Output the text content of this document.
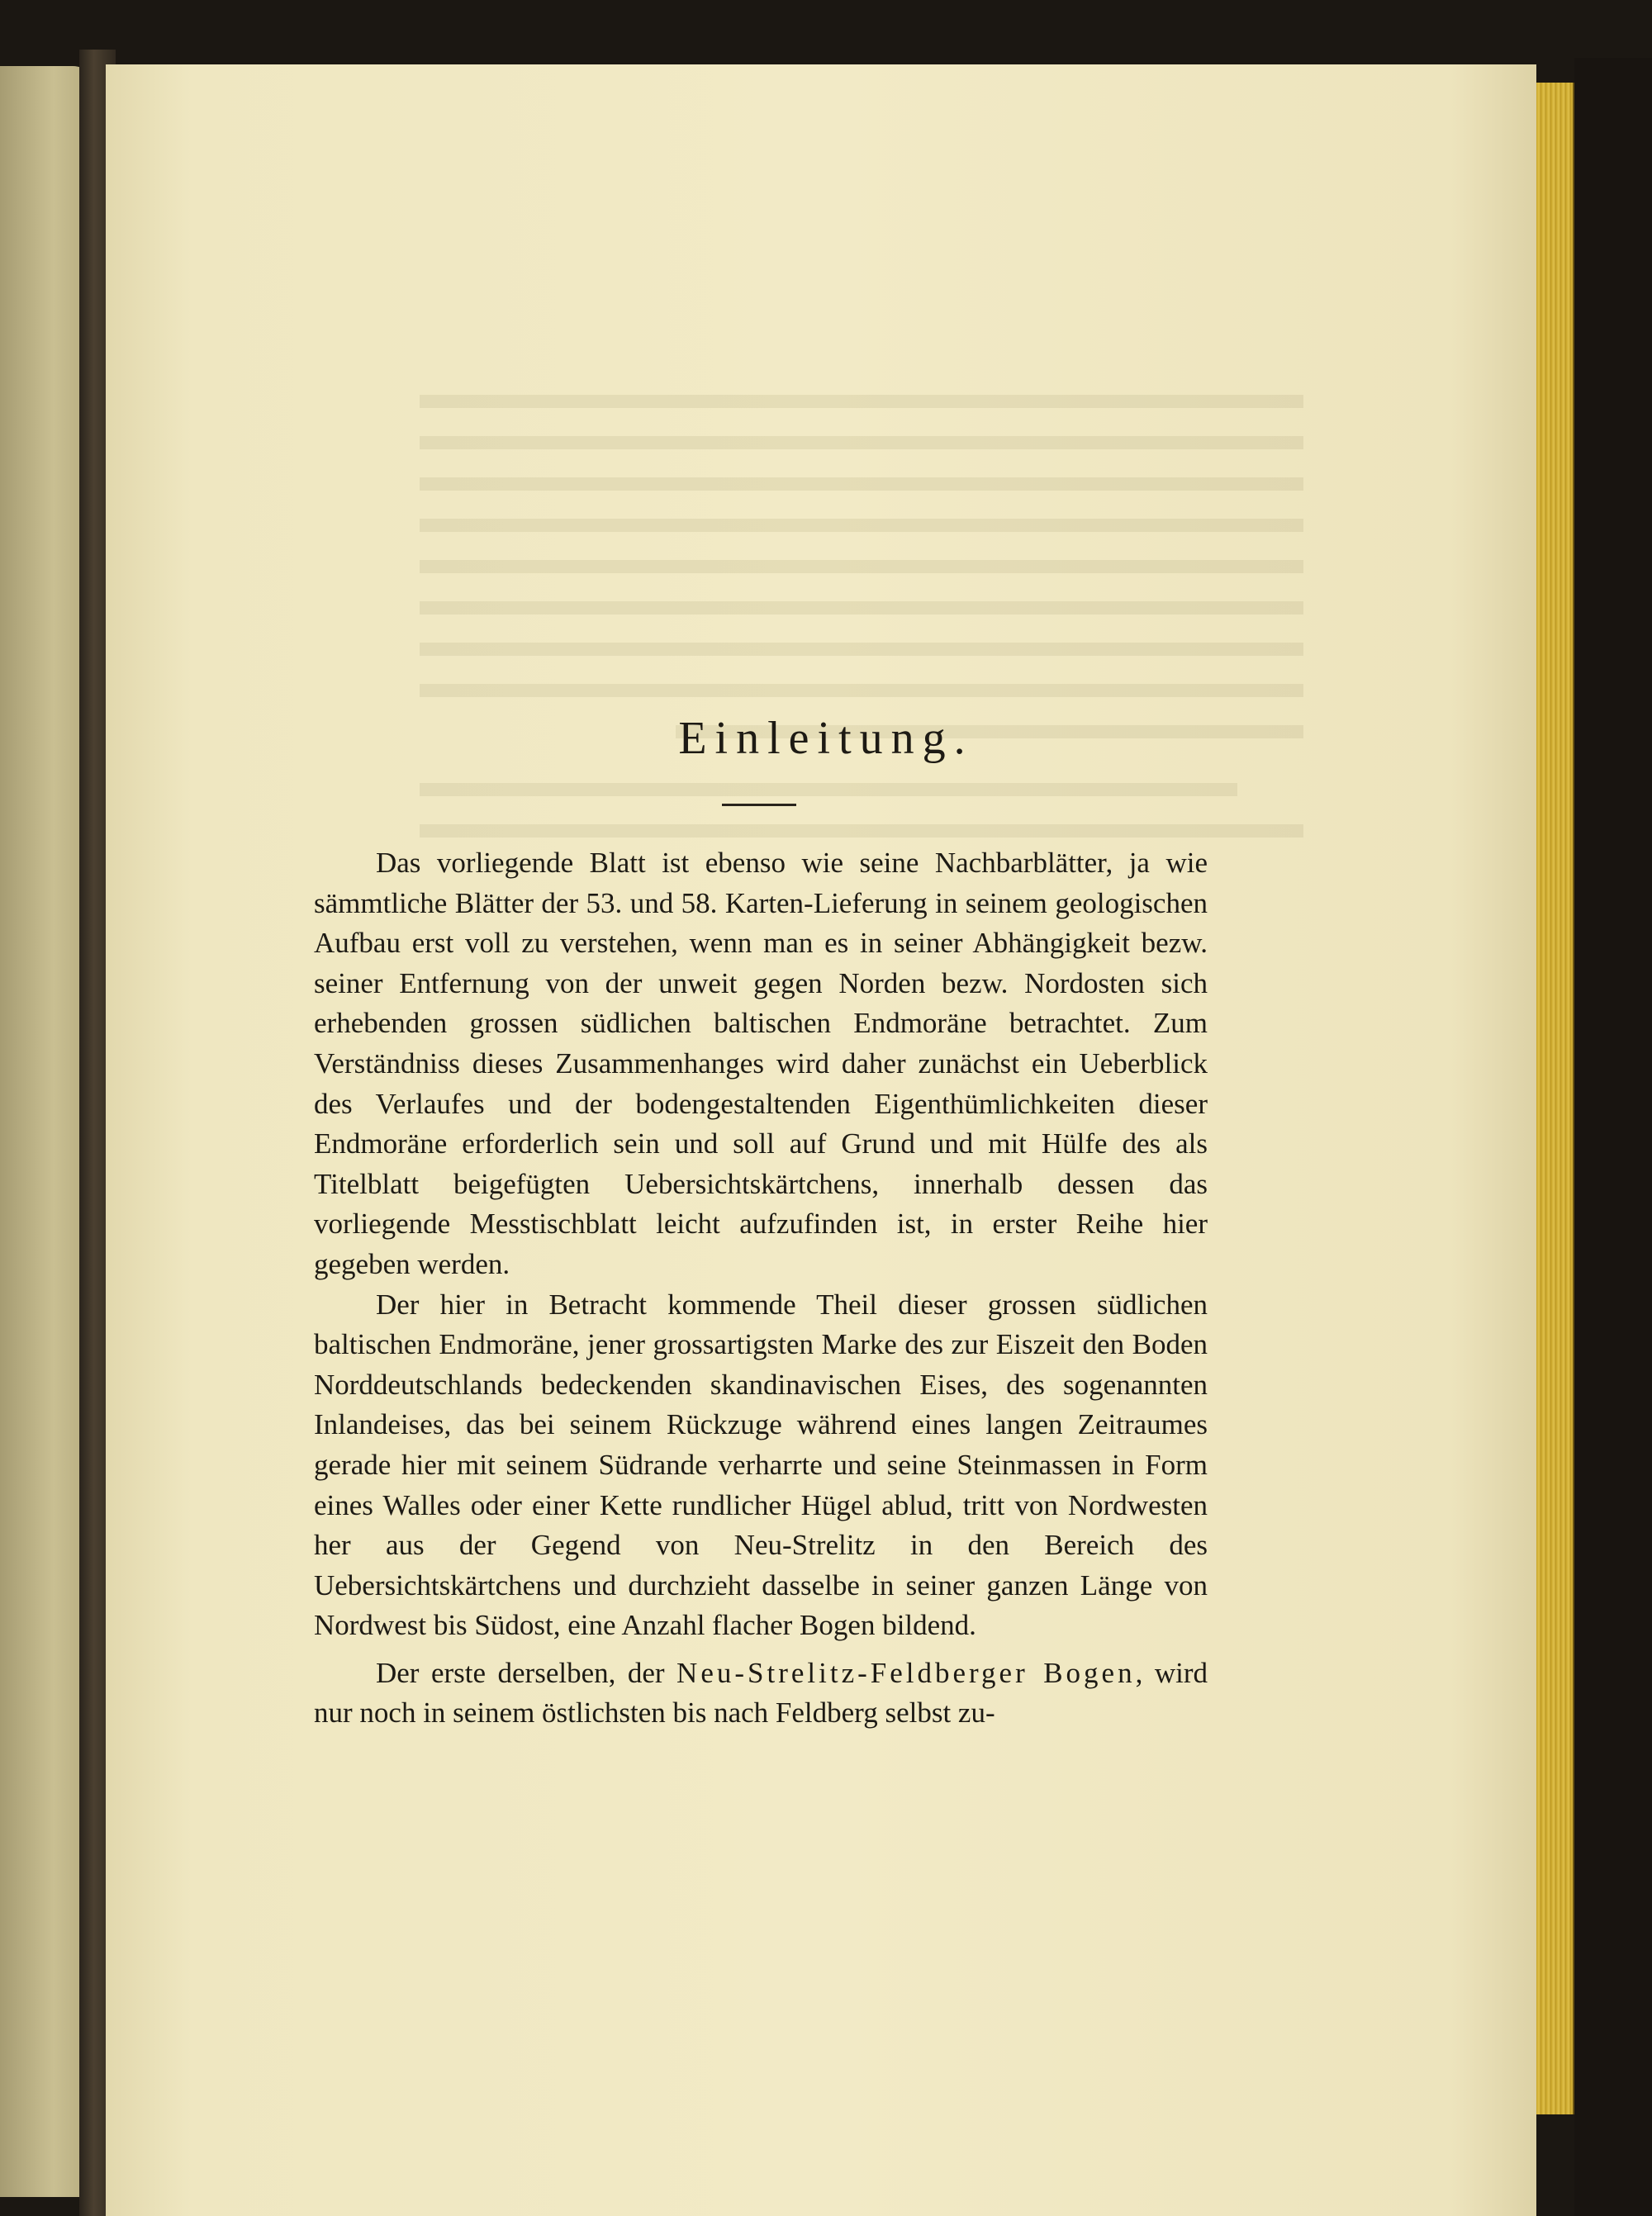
Einleitung.

Das vorliegende Blatt ist ebenso wie seine Nachbarblätter, ja wie sämmtliche Blätter der 53. und 58. Karten-Lieferung in seinem geologischen Aufbau erst voll zu verstehen, wenn man es in seiner Abhängigkeit bezw. seiner Entfernung von der unweit gegen Norden bezw. Nordosten sich erhebenden grossen südlichen baltischen Endmoräne betrachtet. Zum Verständniss dieses Zusammenhanges wird daher zunächst ein Ueberblick des Verlaufes und der bodengestaltenden Eigenthümlichkeiten dieser Endmoräne erforderlich sein und soll auf Grund und mit Hülfe des als Titelblatt beigefügten Uebersichtskärtchens, innerhalb dessen das vorliegende Messtischblatt leicht aufzufinden ist, in erster Reihe hier gegeben werden.

Der hier in Betracht kommende Theil dieser grossen südlichen baltischen Endmoräne, jener grossartigsten Marke des zur Eiszeit den Boden Norddeutschlands bedeckenden skandinavischen Eises, des sogenannten Inlandeises, das bei seinem Rückzuge während eines langen Zeitraumes gerade hier mit seinem Südrande verharrte und seine Steinmassen in Form eines Walles oder einer Kette rundlicher Hügel ablud, tritt von Nordwesten her aus der Gegend von Neu-Strelitz in den Bereich des Uebersichtskärtchens und durchzieht dasselbe in seiner ganzen Länge von Nordwest bis Südost, eine Anzahl flacher Bogen bildend.

Der erste derselben, der Neu-Strelitz-Feldberger Bogen, wird nur noch in seinem östlichsten bis nach Feldberg selbst zu-
